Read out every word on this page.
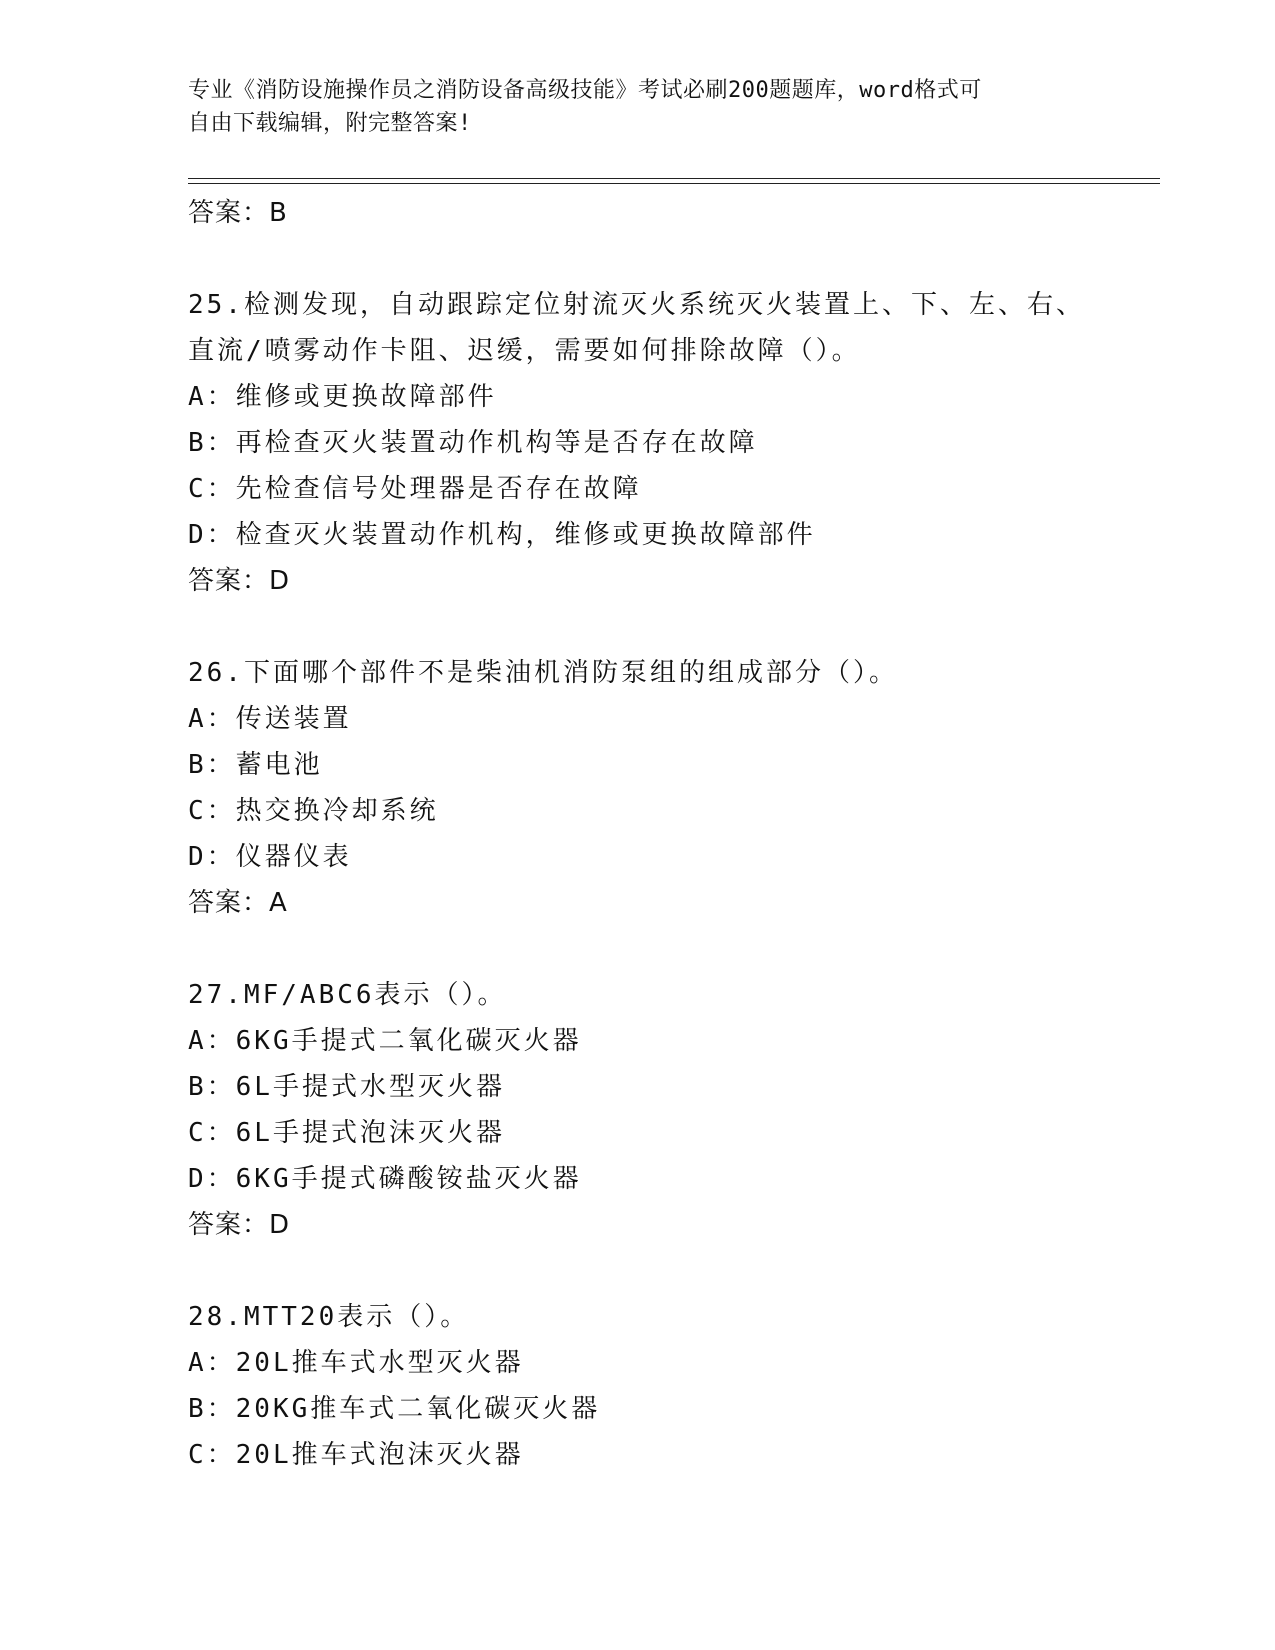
专业《消防设施操作员之消防设备高级技能》考试必刷200题题库，word格式可
自由下载编辑，附完整答案!
答案：B
25.检测发现，自动跟踪定位射流灭火系统灭火装置上、下、左、右、
直流/喷雾动作卡阻、迟缓，需要如何排除故障（）。
A：维修或更换故障部件
B：再检查灭火装置动作机构等是否存在故障
C：先检查信号处理器是否存在故障
D：检查灭火装置动作机构，维修或更换故障部件
答案：D
26.下面哪个部件不是柴油机消防泵组的组成部分（）。
A：传送装置
B：蓄电池
C：热交换冷却系统
D：仪器仪表
答案：A
27.MF/ABC6表示（）。
A：6KG手提式二氧化碳灭火器
B：6L手提式水型灭火器
C：6L手提式泡沫灭火器
D：6KG手提式磷酸铵盐灭火器
答案：D
28.MTT20表示（）。
A：20L推车式水型灭火器
B：20KG推车式二氧化碳灭火器
C：20L推车式泡沫灭火器
